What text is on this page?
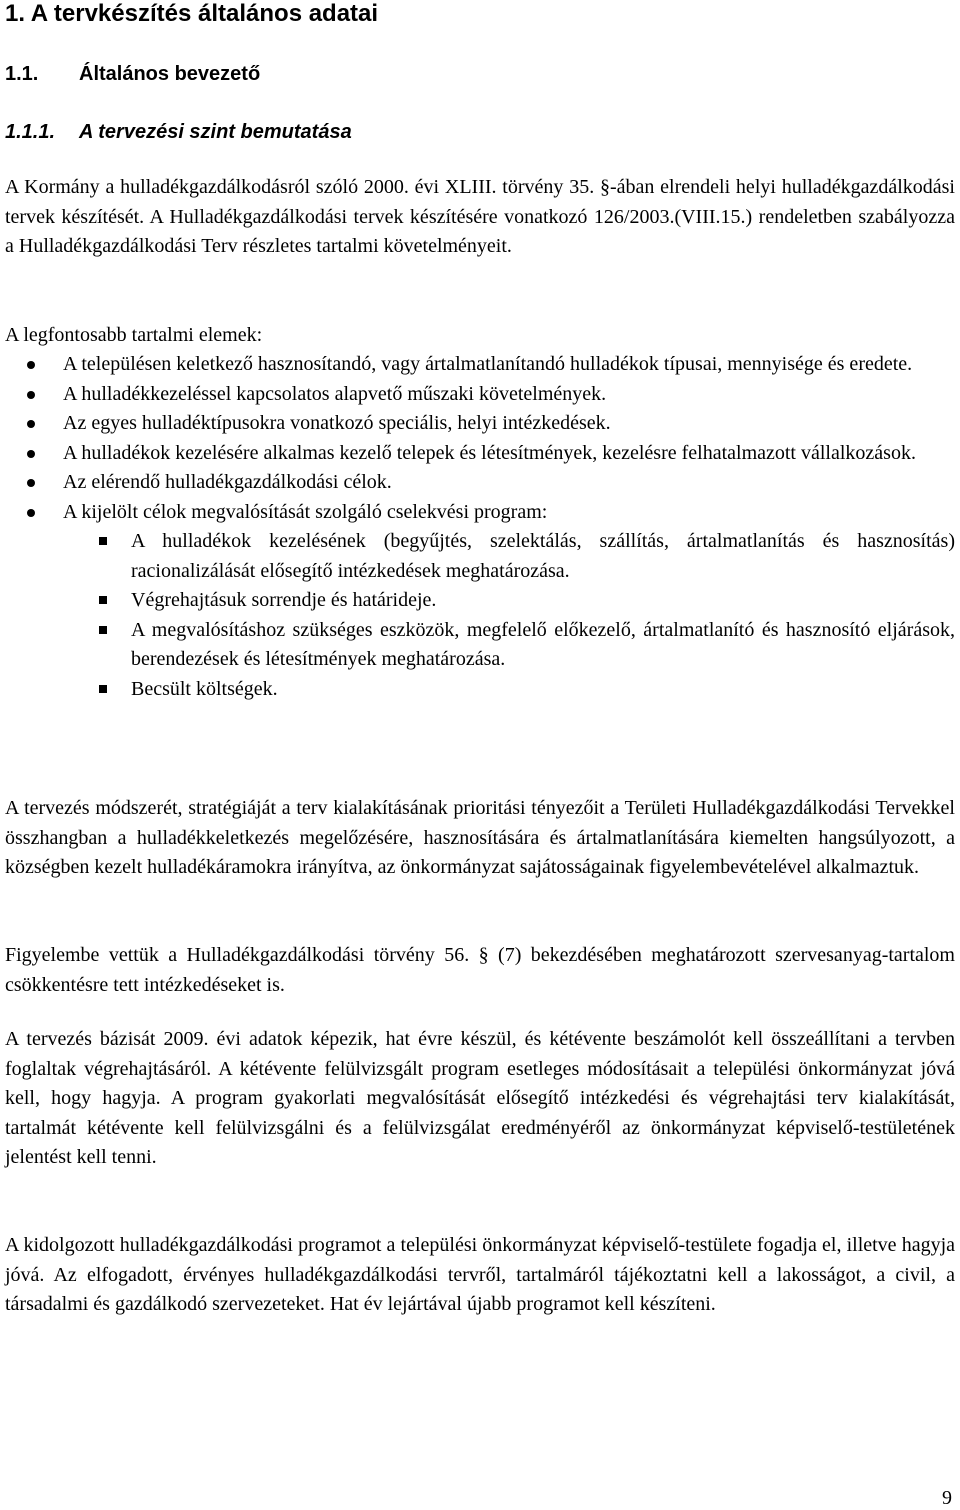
1. A tervkészítés általános adatai
1.1. Általános bevezető
1.1.1. A tervezési szint bemutatása

A Kormány a hulladékgazdálkodásról szóló 2000. évi XLIII. törvény 35. §-ában elrendeli helyi hulladékgazdálkodási tervek készítését. A Hulladékgazdálkodási tervek készítésére vonatkozó 126/2003.(VIII.15.) rendeletben szabályozza a Hulladékgazdálkodási Terv részletes tartalmi követelményeit.

A legfontosabb tartalmi elemek:

A településen keletkező hasznosítandó, vagy ártalmatlanítandó hulladékok típusai, mennyisége és eredete.
A hulladékkezeléssel kapcsolatos alapvető műszaki követelmények.
Az egyes hulladéktípusokra vonatkozó speciális, helyi intézkedések.
A hulladékok kezelésére alkalmas kezelő telepek és létesítmények, kezelésre felhatalmazott vállalkozások.
Az elérendő hulladékgazdálkodási célok.
A kijelölt célok megvalósítását szolgáló cselekvési program:
A hulladékok kezelésének (begyűjtés, szelektálás, szállítás, ártalmatlanítás és hasznosítás) racionalizálását elősegítő intézkedések meghatározása.
Végrehajtásuk sorrendje és határideje.
A megvalósításhoz szükséges eszközök, megfelelő előkezelő, ártalmatlanító és hasznosító eljárások, berendezések és létesítmények meghatározása.
Becsült költségek.

A tervezés módszerét, stratégiáját a terv kialakításának prioritási tényezőit a Területi Hulladékgazdálkodási Tervekkel összhangban a hulladékkeletkezés megelőzésére, hasznosítására és ártalmatlanítására kiemelten hangsúlyozott, a községben kezelt hulladékáramokra irányítva, az önkormányzat sajátosságainak figyelembevételével alkalmaztuk.

Figyelembe vettük a Hulladékgazdálkodási törvény 56. § (7) bekezdésében meghatározott szervesanyag-tartalom csökkentésre tett intézkedéseket is.

A tervezés bázisát 2009. évi adatok képezik, hat évre készül, és kétévente beszámolót kell összeállítani a tervben foglaltak végrehajtásáról. A kétévente felülvizsgált program esetleges módosításait a települési önkormányzat jóvá kell, hogy hagyja. A program gyakorlati megvalósítását elősegítő intézkedési és végrehajtási terv kialakítását, tartalmát kétévente kell felülvizsgálni és a felülvizsgálat eredményéről az önkormányzat képviselő-testületének jelentést kell tenni.

A kidolgozott hulladékgazdálkodási programot a települési önkormányzat képviselő-testülete fogadja el, illetve hagyja jóvá. Az elfogadott, érvényes hulladékgazdálkodási tervről, tartalmáról tájékoztatni kell a lakosságot, a civil, a társadalmi és gazdálkodó szervezeteket. Hat év lejártával újabb programot kell készíteni.

9
